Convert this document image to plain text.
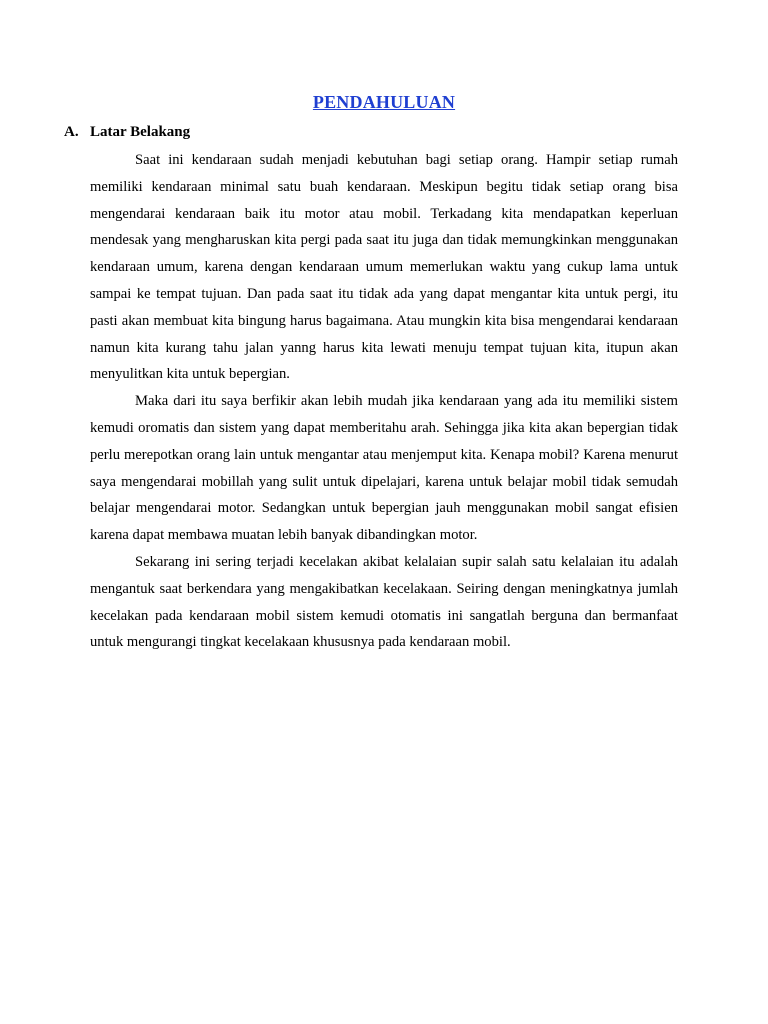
PENDAHULUAN
A. Latar Belakang

Saat ini kendaraan sudah menjadi kebutuhan bagi setiap orang. Hampir setiap rumah memiliki kendaraan minimal satu buah kendaraan. Meskipun begitu tidak setiap orang bisa mengendarai kendaraan baik itu motor atau mobil. Terkadang kita mendapatkan keperluan mendesak yang mengharuskan kita pergi pada saat itu juga dan tidak memungkinkan menggunakan kendaraan umum, karena dengan kendaraan umum memerlukan waktu yang cukup lama untuk sampai ke tempat tujuan. Dan pada saat itu tidak ada yang dapat mengantar kita untuk pergi, itu pasti akan membuat kita bingung harus bagaimana. Atau mungkin kita bisa mengendarai kendaraan namun kita kurang tahu jalan yanng harus kita lewati menuju tempat tujuan kita, itupun akan menyulitkan kita untuk bepergian.

Maka dari itu saya berfikir akan lebih mudah jika kendaraan yang ada itu memiliki sistem kemudi oromatis dan sistem yang dapat memberitahu arah. Sehingga jika kita akan bepergian tidak perlu merepotkan orang lain untuk mengantar atau menjemput kita. Kenapa mobil? Karena menurut saya mengendarai mobillah yang sulit untuk dipelajari, karena untuk belajar mobil tidak semudah belajar mengendarai motor. Sedangkan untuk bepergian jauh menggunakan mobil sangat efisien karena dapat membawa muatan lebih banyak dibandingkan motor.

Sekarang ini sering terjadi kecelakan akibat kelalaian supir salah satu kelalaian itu adalah mengantuk saat berkendara yang mengakibatkan kecelakaan. Seiring dengan meningkatnya jumlah kecelakan pada kendaraan mobil sistem kemudi otomatis ini sangatlah berguna dan bermanfaat untuk mengurangi tingkat kecelakaan khususnya pada kendaraan mobil.
